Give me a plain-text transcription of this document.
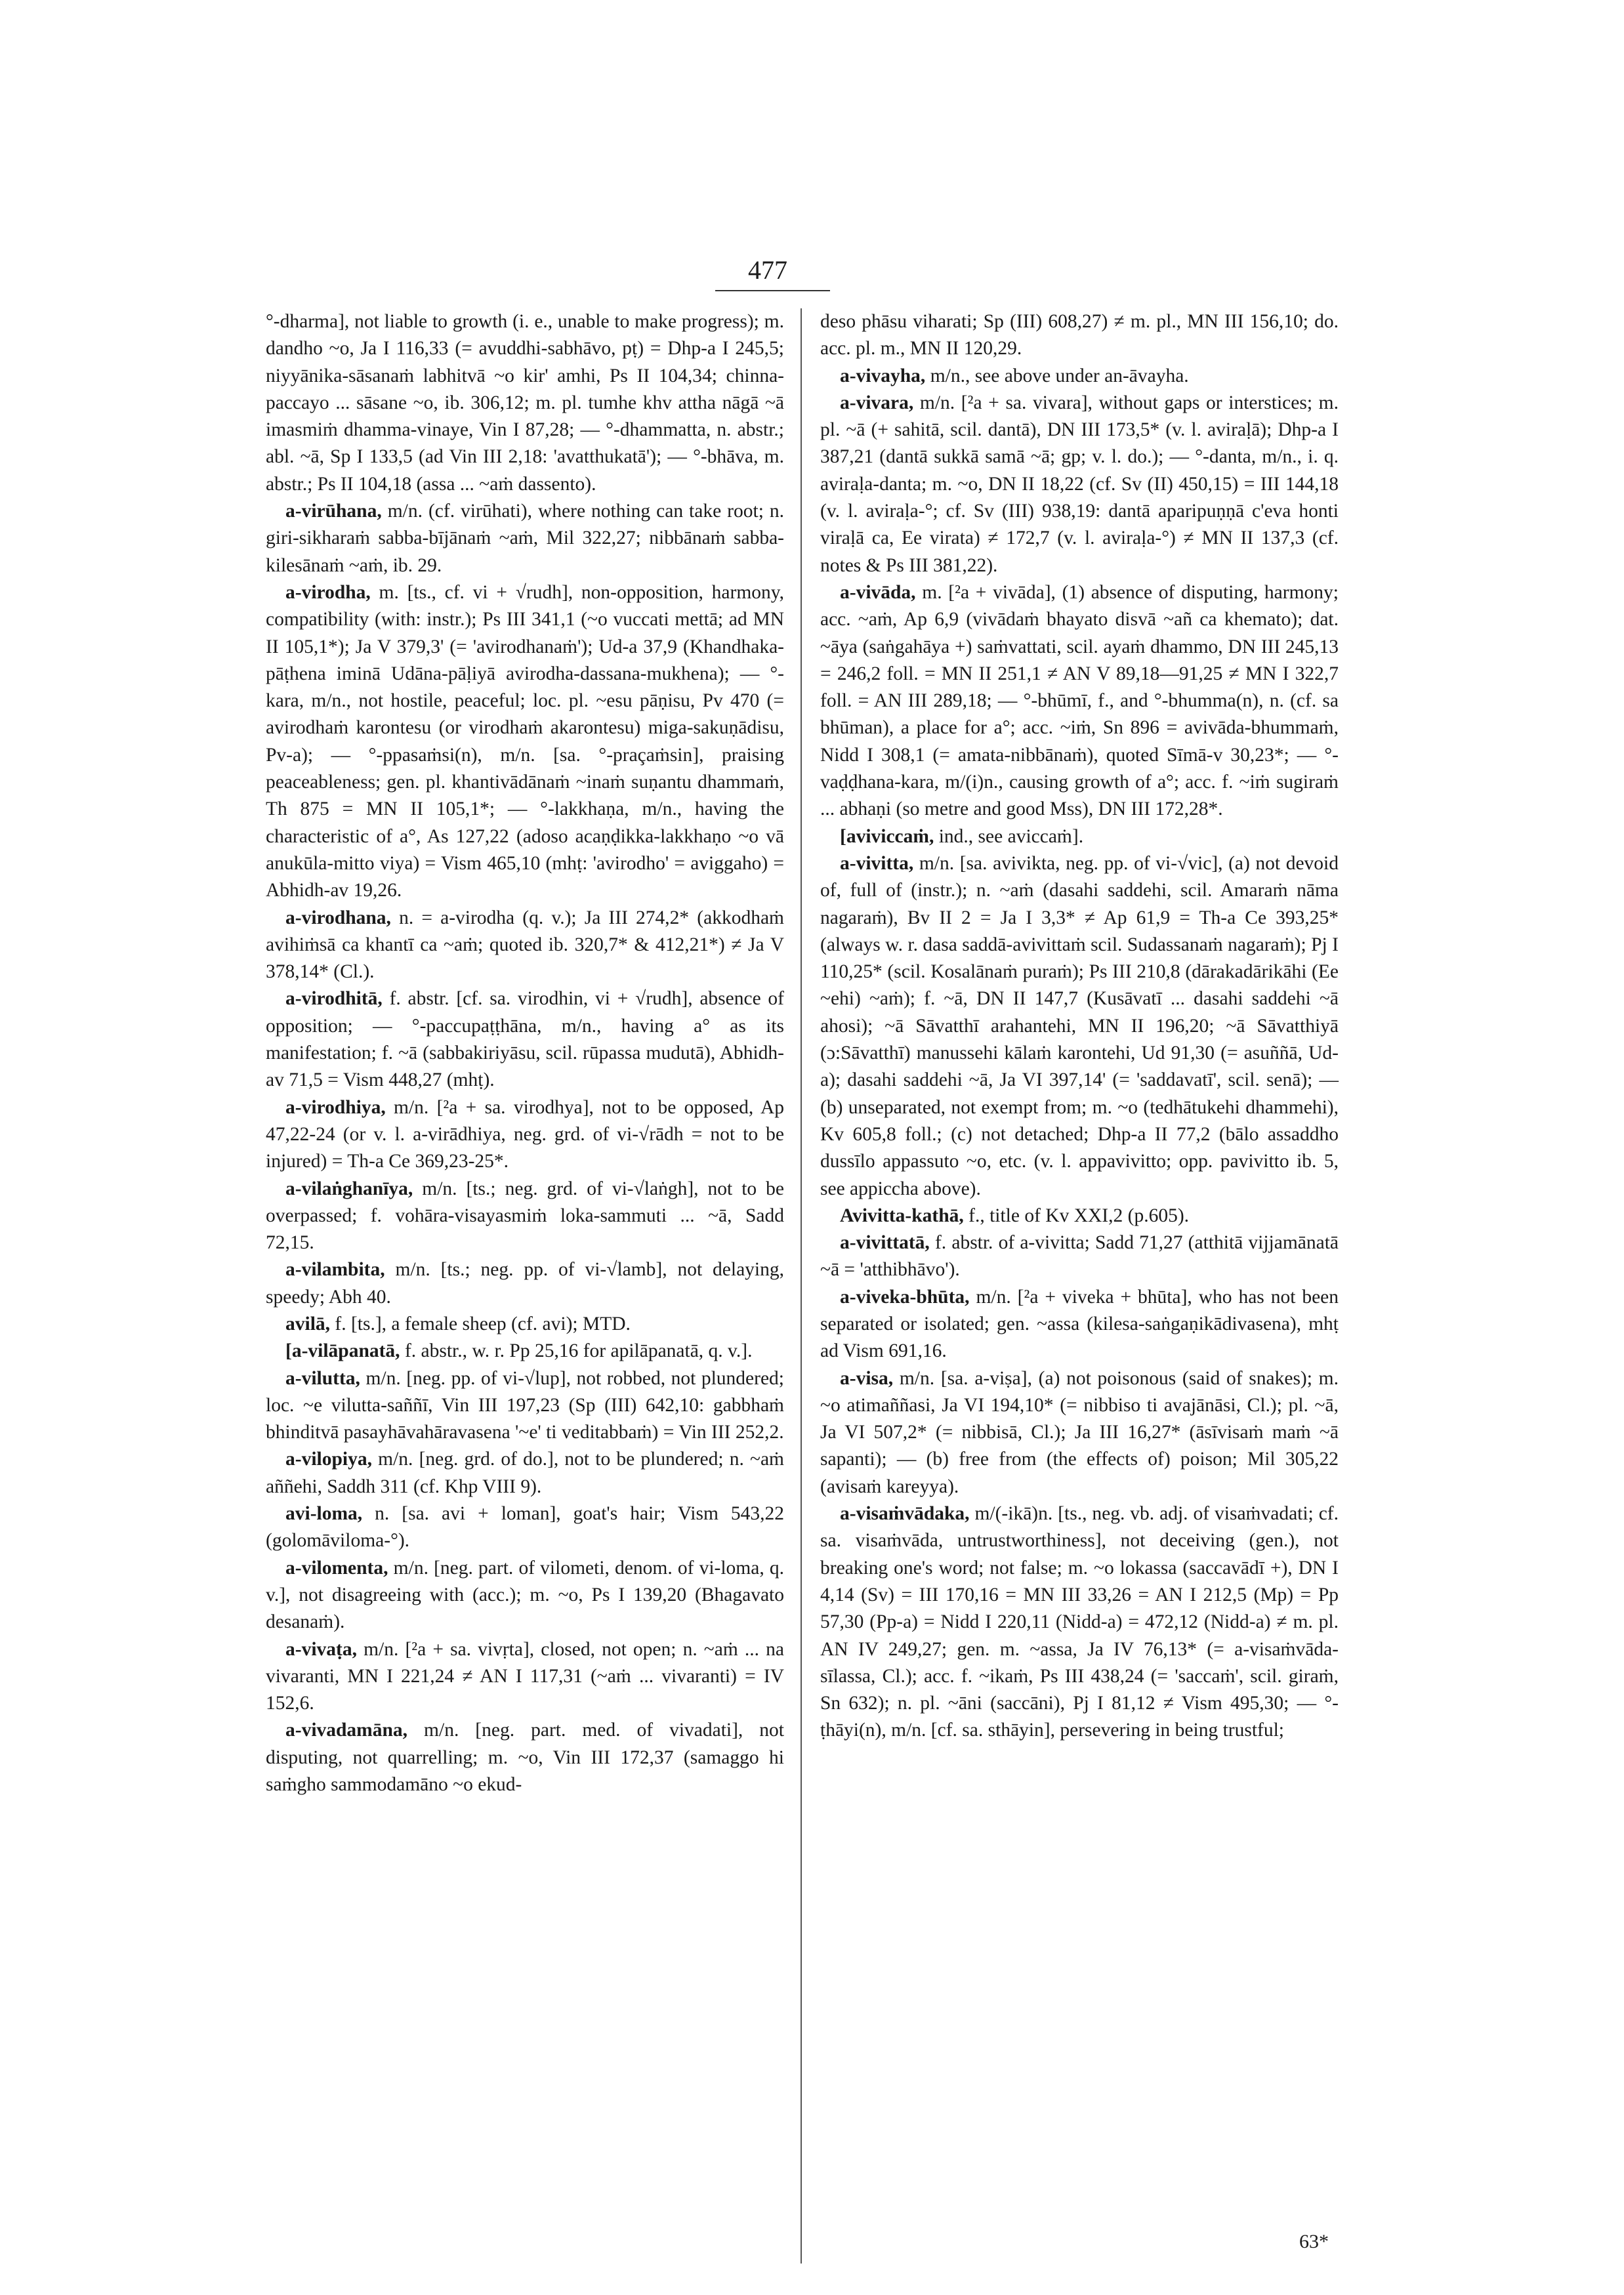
477

°-dharma], not liable to growth (i. e., unable to make progress); m. dandho ~o, Ja I 116,33 (= avuddhi-sabhāvo, pṭ) = Dhp-a I 245,5; niyyānika-sāsanaṁ labhitvā ~o kir' amhi, Ps II 104,34; chinna-paccayo ... sāsane ~o, ib. 306,12; m. pl. tumhe khv attha nāgā ~ā imasmiṁ dhamma-vinaye, Vin I 87,28; — °-dhammatta, n. abstr.; abl. ~ā, Sp I 133,5 (ad Vin III 2,18: 'avatthukatā'); — °-bhāva, m. abstr.; Ps II 104,18 (assa ... ~aṁ dassento).

a-virūhana, m/n. (cf. virūhati), where nothing can take root; n. giri-sikharaṁ sabba-bījānaṁ ~aṁ, Mil 322,27; nibbānaṁ sabba-kilesānaṁ ~aṁ, ib. 29.

a-virodha, m. [ts., cf. vi + √rudh], non-opposition, harmony, compatibility (with: instr.); Ps III 341,1 (~o vuccati mettā; ad MN II 105,1*); Ja V 379,3' (= 'avirodhanaṁ'); Ud-a 37,9 (Khandhaka-pāṭhena iminā Udāna-pāḷiyā avirodha-dassana-mukhena); — °-kara, m/n., not hostile, peaceful; loc. pl. ~esu pāṇisu, Pv 470 (= avirodhaṁ karontesu (or virodhaṁ akarontesu) miga-sakuṇādisu, Pv-a); — °-ppasaṁsi(n), m/n. [sa. °-praçaṁsin], praising peaceableness; gen. pl. khantivādānaṁ ~inaṁ suṇantu dhammaṁ, Th 875 = MN II 105,1*; — °-lakkhaṇa, m/n., having the characteristic of a°, As 127,22 (adoso acaṇḍikka-lakkhaṇo ~o vā anukūla-mitto viya) = Vism 465,10 (mhṭ: 'avirodho' = aviggaho) = Abhidh-av 19,26.

a-virodhana, n. = a-virodha (q. v.); Ja III 274,2* (akkodhaṁ avihiṁsā ca khantī ca ~aṁ; quoted ib. 320,7* & 412,21*) ≠ Ja V 378,14* (Cl.).

a-virodhitā, f. abstr. [cf. sa. virodhin, vi + √rudh], absence of opposition; — °-paccupaṭṭhāna, m/n., having a° as its manifestation; f. ~ā (sabbakiriyāsu, scil. rūpassa mudutā), Abhidh-av 71,5 = Vism 448,27 (mhṭ).

a-virodhiya, m/n. [²a + sa. virodhya], not to be opposed, Ap 47,22-24 (or v. l. a-virādhiya, neg. grd. of vi-√rādh = not to be injured) = Th-a Ce 369,23-25*.

a-vilaṅghanīya, m/n. [ts.; neg. grd. of vi-√laṅgh], not to be overpassed; f. vohāra-visayasmiṁ loka-sammuti ... ~ā, Sadd 72,15.

a-vilambita, m/n. [ts.; neg. pp. of vi-√lamb], not delaying, speedy; Abh 40.

avilā, f. [ts.], a female sheep (cf. avi); MTD.

[a-vilāpanatā, f. abstr., w. r. Pp 25,16 for apilāpanatā, q. v.].

a-vilutta, m/n. [neg. pp. of vi-√lup], not robbed, not plundered; loc. ~e vilutta-saññī, Vin III 197,23 (Sp (III) 642,10: gabbhaṁ bhinditvā pasayhāvahāravasena '~e' ti veditabbaṁ) = Vin III 252,2.

a-vilopiya, m/n. [neg. grd. of do.], not to be plundered; n. ~aṁ aññehi, Saddh 311 (cf. Khp VIII 9).

avi-loma, n. [sa. avi + loman], goat's hair; Vism 543,22 (golomāviloma-°).

a-vilomenta, m/n. [neg. part. of vilometi, denom. of vi-loma, q. v.], not disagreeing with (acc.); m. ~o, Ps I 139,20 (Bhagavato desanaṁ).

a-vivaṭa, m/n. [²a + sa. vivṛta], closed, not open; n. ~aṁ ... na vivaranti, MN I 221,24 ≠ AN I 117,31 (~aṁ ... vivaranti) = IV 152,6.

a-vivadamāna, m/n. [neg. part. med. of vivadati], not disputing, not quarrelling; m. ~o, Vin III 172,37 (samaggo hi saṁgho sammodamāno ~o ekud-

deso phāsu viharati; Sp (III) 608,27) ≠ m. pl., MN III 156,10; do. acc. pl. m., MN II 120,29.

a-vivayha, m/n., see above under an-āvayha.

a-vivara, m/n. [²a + sa. vivara], without gaps or interstices; m. pl. ~ā (+ sahitā, scil. dantā), DN III 173,5* (v. l. aviraḷā); Dhp-a I 387,21 (dantā sukkā samā ~ā; gp; v. l. do.); — °-danta, m/n., i. q. aviraḷa-danta; m. ~o, DN II 18,22 (cf. Sv (II) 450,15) = III 144,18 (v. l. aviraḷa-°; cf. Sv (III) 938,19: dantā aparipuṇṇā c'eva honti viraḷā ca, Ee virata) ≠ 172,7 (v. l. aviraḷa-°) ≠ MN II 137,3 (cf. notes & Ps III 381,22).

a-vivāda, m. [²a + vivāda], (1) absence of disputing, harmony; acc. ~aṁ, Ap 6,9 (vivādaṁ bhayato disvā ~añ ca khemato); dat. ~āya (saṅgahāya +) saṁvattati, scil. ayaṁ dhammo, DN III 245,13 = 246,2 foll. = MN II 251,1 ≠ AN V 89,18—91,25 ≠ MN I 322,7 foll. = AN III 289,18; — °-bhūmī, f., and °-bhumma(n), n. (cf. sa bhūman), a place for a°; acc. ~iṁ, Sn 896 = avivāda-bhummaṁ, Nidd I 308,1 (= amata-nibbānaṁ), quoted Sīmā-v 30,23*; — °-vaḍḍhana-kara, m/(i)n., causing growth of a°; acc. f. ~iṁ sugiraṁ ... abhaṇi (so metre and good Mss), DN III 172,28*.

[aviviccaṁ, ind., see aviccaṁ].

a-vivitta, m/n. [sa. avivikta, neg. pp. of vi-√vic], (a) not devoid of, full of (instr.); n. ~aṁ (dasahi saddehi, scil. Amaraṁ nāma nagaraṁ), Bv II 2 = Ja I 3,3* ≠ Ap 61,9 = Th-a Ce 393,25* (always w. r. dasa saddā-avivittaṁ scil. Sudassanaṁ nagaraṁ); Pj I 110,25* (scil. Kosalānaṁ puraṁ); Ps III 210,8 (dārakadārikāhi (Ee ~ehi) ~aṁ); f. ~ā, DN II 147,7 (Kusāvatī ... dasahi saddehi ~ā ahosi); ~ā Sāvatthī arahantehi, MN II 196,20; ~ā Sāvatthiyā (ɔ:Sāvatthī) manussehi kālaṁ karontehi, Ud 91,30 (= asuññā, Ud-a); dasahi saddehi ~ā, Ja VI 397,14' (= 'saddavatī', scil. senā); — (b) unseparated, not exempt from; m. ~o (tedhātukehi dhammehi), Kv 605,8 foll.; (c) not detached; Dhp-a II 77,2 (bālo assaddho dussīlo appassuto ~o, etc. (v. l. appavivitto; opp. pavivitto ib. 5, see appiccha above).

Avivitta-kathā, f., title of Kv XXI,2 (p.605).

a-vivittatā, f. abstr. of a-vivitta; Sadd 71,27 (atthitā vijjamānatā ~ā = 'atthibhāvo').

a-viveka-bhūta, m/n. [²a + viveka + bhūta], who has not been separated or isolated; gen. ~assa (kilesa-saṅgaṇikādivasena), mhṭ ad Vism 691,16.

a-visa, m/n. [sa. a-viṣa], (a) not poisonous (said of snakes); m. ~o atimaññasi, Ja VI 194,10* (= nibbiso ti avajānāsi, Cl.); pl. ~ā, Ja VI 507,2* (= nibbisā, Cl.); Ja III 16,27* (āsīvisaṁ maṁ ~ā sapanti); — (b) free from (the effects of) poison; Mil 305,22 (avisaṁ kareyya).

a-visaṁvādaka, m/(-ikā)n. [ts., neg. vb. adj. of visaṁvadati; cf. sa. visaṁvāda, untrustworthiness], not deceiving (gen.), not breaking one's word; not false; m. ~o lokassa (saccavādī +), DN I 4,14 (Sv) = III 170,16 = MN III 33,26 = AN I 212,5 (Mp) = Pp 57,30 (Pp-a) = Nidd I 220,11 (Nidd-a) = 472,12 (Nidd-a) ≠ m. pl. AN IV 249,27; gen. m. ~assa, Ja IV 76,13* (= a-visaṁvāda-sīlassa, Cl.); acc. f. ~ikaṁ, Ps III 438,24 (= 'saccaṁ', scil. giraṁ, Sn 632); n. pl. ~āni (saccāni), Pj I 81,12 ≠ Vism 495,30; — °-ṭhāyi(n), m/n. [cf. sa. sthāyin], persevering in being trustful;

63*
